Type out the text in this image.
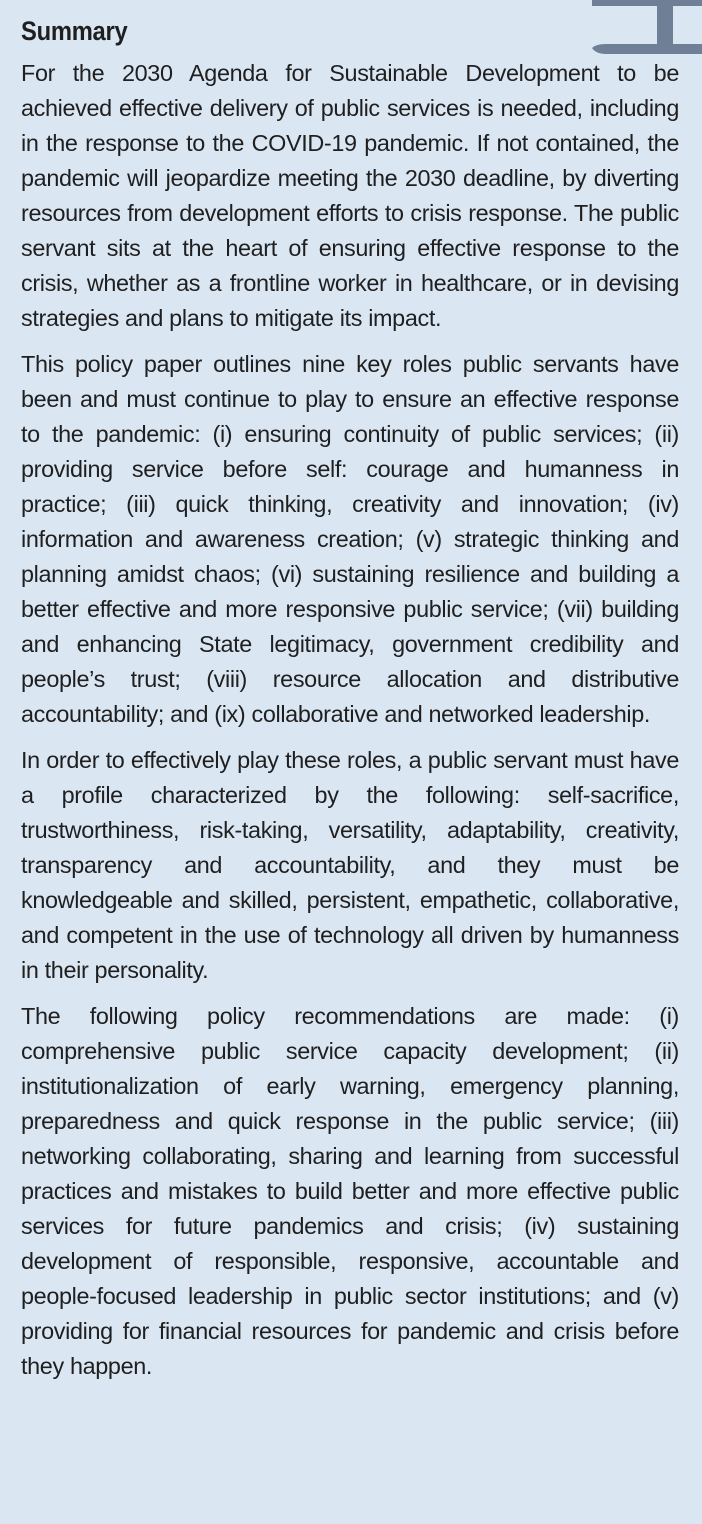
Summary

For the 2030 Agenda for Sustainable Development to be achieved effective delivery of public services is needed, including in the response to the COVID-19 pandemic. If not contained, the pandemic will jeopardize meeting the 2030 deadline, by diverting resources from development efforts to crisis response. The public servant sits at the heart of ensuring effective response to the crisis, whether as a frontline worker in healthcare, or in devising strategies and plans to mitigate its impact.

This policy paper outlines nine key roles public servants have been and must continue to play to ensure an effective response to the pandemic: (i) ensuring continuity of public services; (ii) providing service before self: courage and humanness in practice; (iii) quick thinking, creativity and innovation; (iv) information and awareness creation; (v) strategic thinking and planning amidst chaos; (vi) sustaining resilience and building a better effective and more responsive public service; (vii) building and enhancing State legitimacy, government credibility and people’s trust; (viii) resource allocation and distributive accountability; and (ix) collaborative and networked leadership.

In order to effectively play these roles, a public servant must have a profile characterized by the following: self-sacrifice, trustworthiness, risk-taking, versatility, adaptability, creativity, transparency and accountability, and they must be knowledgeable and skilled, persistent, empathetic, collaborative, and competent in the use of technology all driven by humanness in their personality.

The following policy recommendations are made: (i) comprehensive public service capacity development; (ii) institutionalization of early warning, emergency planning, preparedness and quick response in the public service; (iii) networking collaborating, sharing and learning from successful practices and mistakes to build better and more effective public services for future pandemics and crisis; (iv) sustaining development of responsible, responsive, accountable and people-focused leadership in public sector institutions; and (v) providing for financial resources for pandemic and crisis before they happen.
